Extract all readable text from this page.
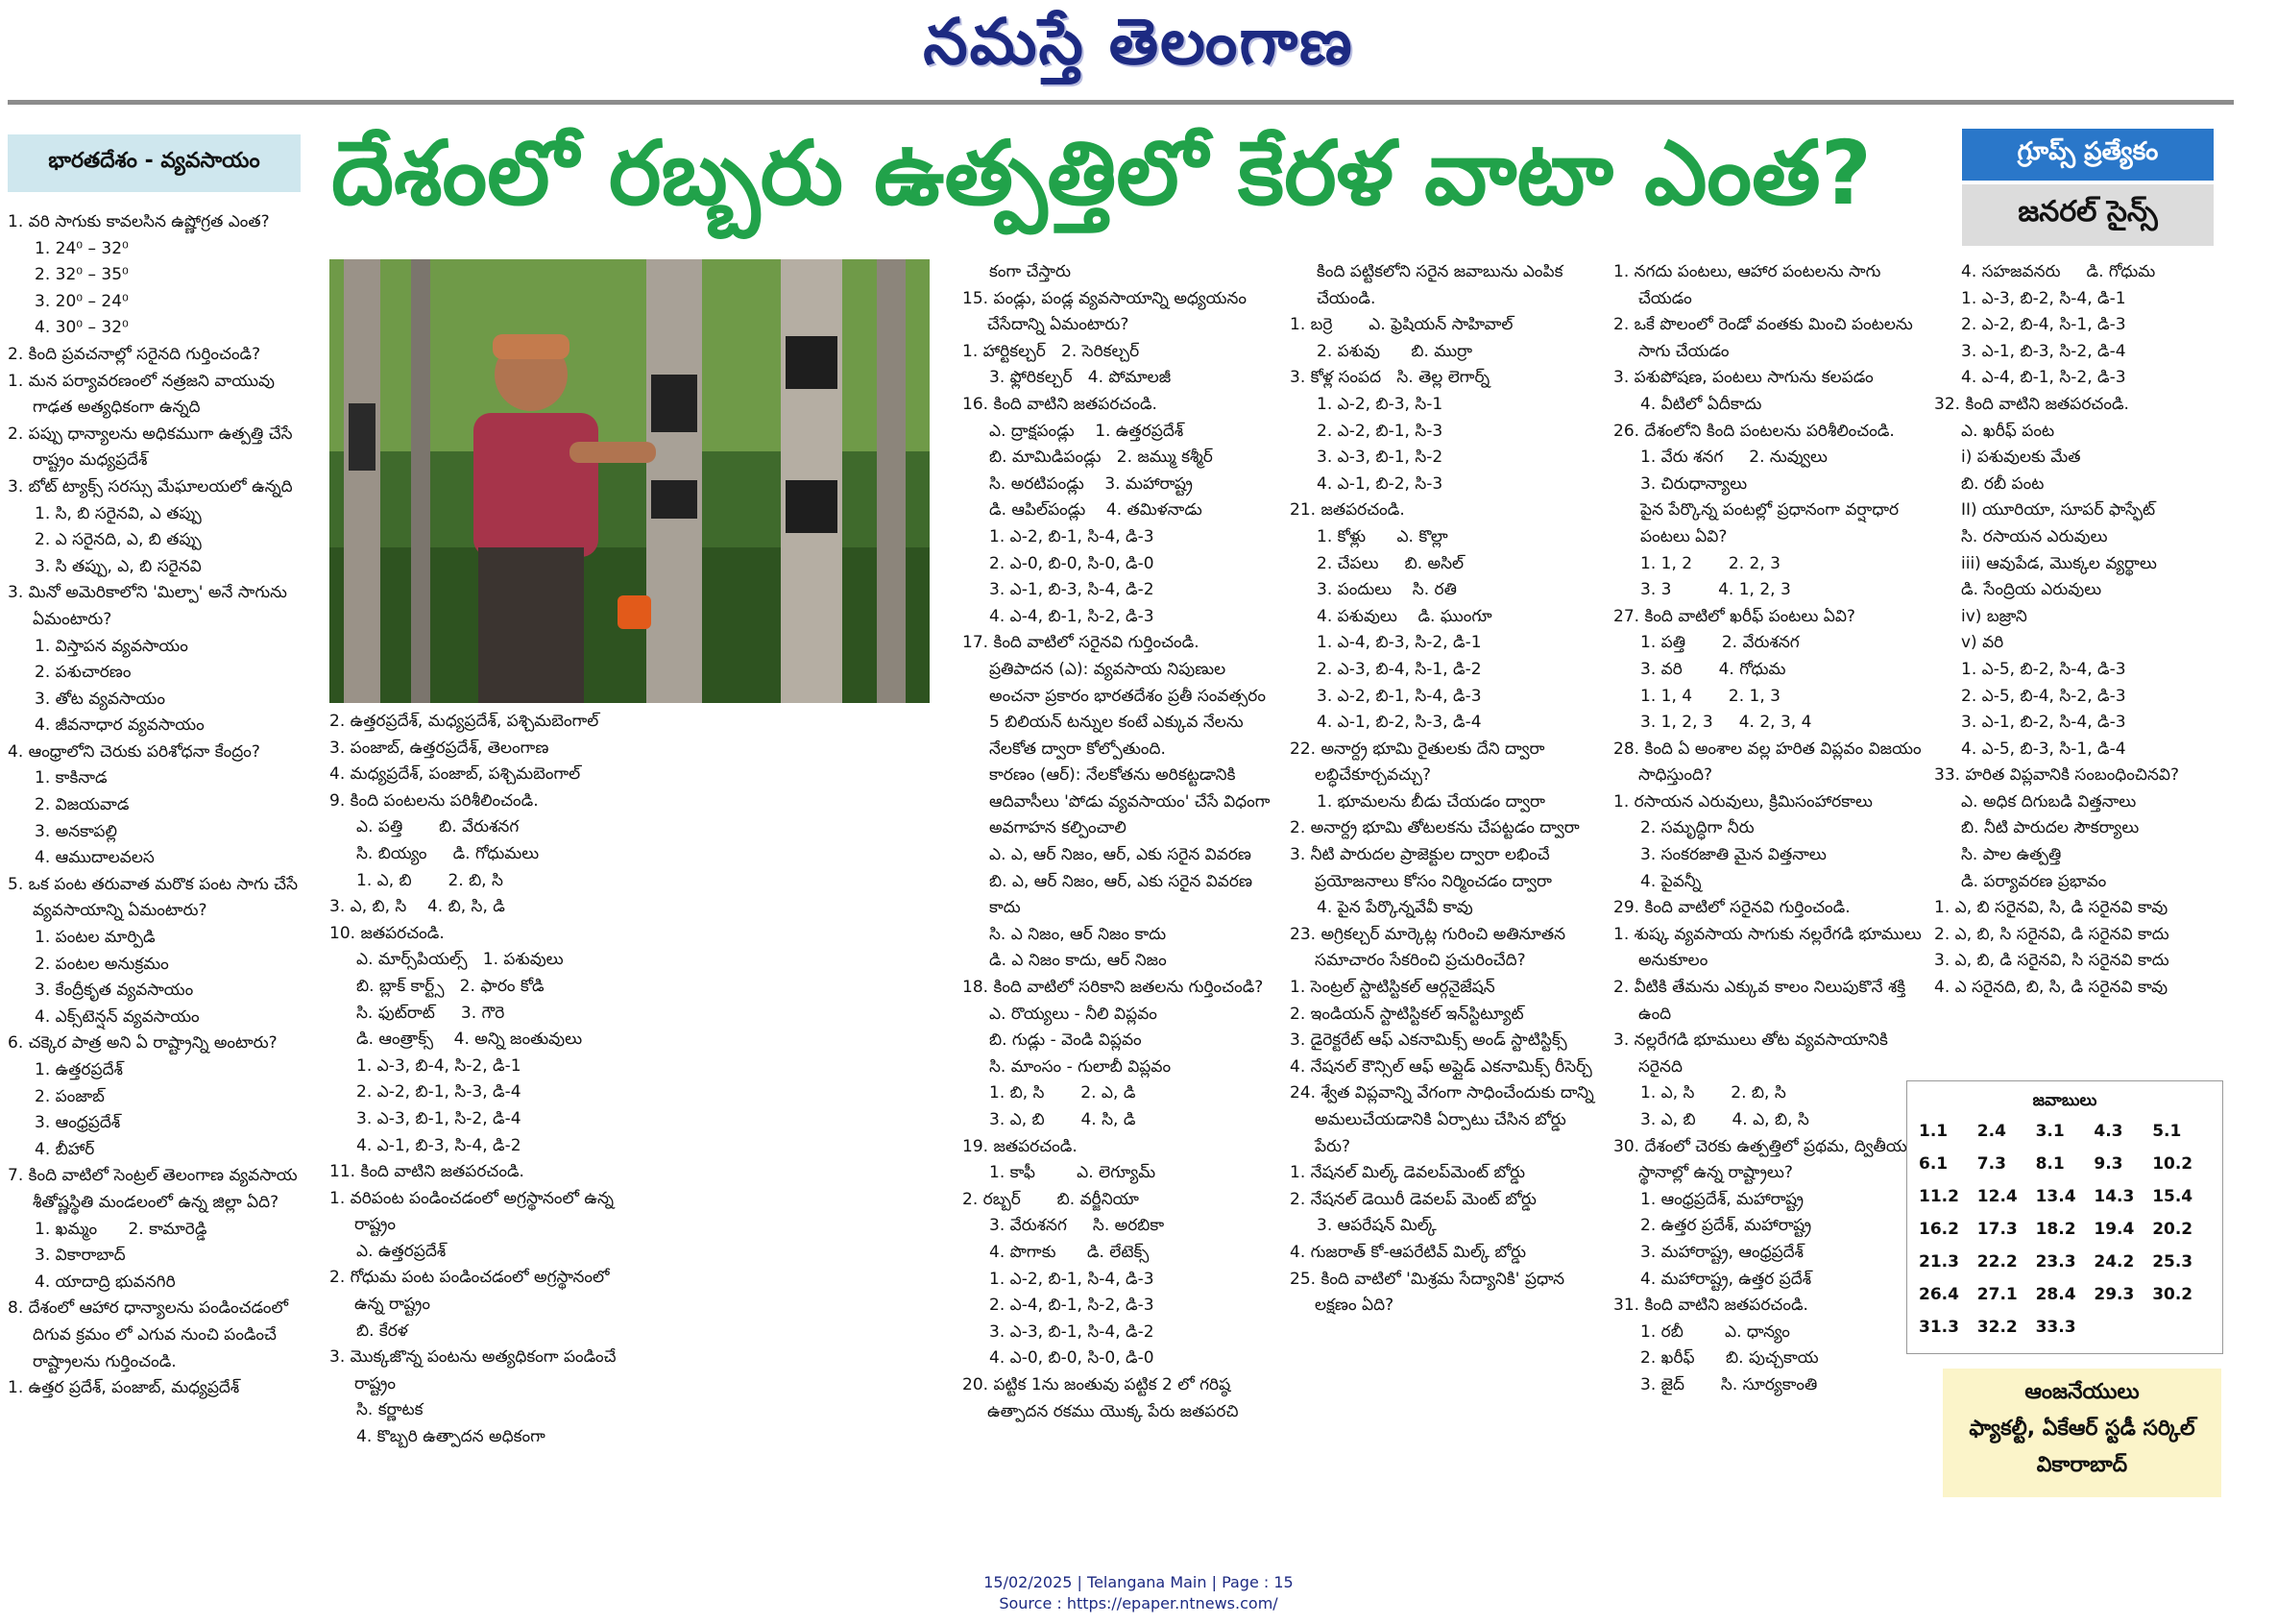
నమస్తే తెలంగాణ
భారతదేశం - వ్యవసాయం దేశంలో రబ్బరు ఉత్పత్తిలో కేరళ వాటా ఎంత?	గ్రూప్స్ ప్రత్యేకం
జనరల్ సైన్స్

1. వరి సాగుకు కావలసిన ఉష్ణోగ్రత ఎంత?

1. 24⁰ – 32⁰

2. 32⁰ – 35⁰

3. 20⁰ – 24⁰

4. 30⁰ – 32⁰

2. కింది ప్రవచనాల్లో సరైనది గుర్తించండి?

1. మన పర్యావరణంలో నత్రజని వాయువు గాఢత అత్యధికంగా ఉన్నది

2. పప్పు ధాన్యాలను అధికముగా ఉత్పత్తి చేసే రాష్ట్రం మధ్యప్రదేశ్

3. బోట్ ట్యాక్స్ సరస్సు మేఘాలయలో ఉన్నది

1. సి, బి సరైనవి, ఎ తప్పు

2. ఎ సరైనది, ఎ, బి తప్పు

3. సి తప్పు, ఎ, బి సరైనవి

3. మినో అమెరికాలోని 'మిల్పా' అనే సాగును ఏమంటారు?

1. విస్తాపన వ్యవసాయం

2. పశుచారణం

3. తోట వ్యవసాయం

4. జీవనాధార వ్యవసాయం

4. ఆంధ్రాలోని చెరుకు పరిశోధనా కేంద్రం?

1. కాకినాడ

2. విజయవాడ

3. అనకాపల్లి

4. ఆముదాలవలస

5. ఒక పంట తరువాత మరొక పంట సాగు చేసే వ్యవసాయాన్ని ఏమంటారు?

1. పంటల మార్పిడి

2. పంటల అనుక్రమం

3. కేంద్రీకృత వ్యవసాయం

4. ఎక్స్‌టెన్షన్ వ్యవసాయం

6. చక్కెర పాత్ర అని ఏ రాష్ట్రాన్ని అంటారు?

1. ఉత్తరప్రదేశ్

2. పంజాబ్

3. ఆంధ్రప్రదేశ్

4. బీహార్

7. కింది వాటిలో సెంట్రల్ తెలంగాణ వ్యవసాయ శీతోష్ణస్థితి మండలంలో ఉన్న జిల్లా ఏది?

1. ఖమ్మం      2. కామారెడ్డి

3. వికారాబాద్

4. యాదాద్రి భువనగిరి

8. దేశంలో ఆహార ధాన్యాలను పండించడంలో దిగువ క్రమం లో ఎగువ నుంచి పండించే రాష్ట్రాలను గుర్తించండి.

1. ఉత్తర ప్రదేశ్, పంజాబ్, మధ్యప్రదేశ్

2. ఉత్తరప్రదేశ్, మధ్యప్రదేశ్, పశ్చిమబెంగాల్

3. పంజాబ్, ఉత్తరప్రదేశ్, తెలంగాణ

4. మధ్యప్రదేశ్, పంజాబ్, పశ్చిమబెంగాల్

9. కింది పంటలను పరిశీలించండి.

ఎ. పత్తి       బి. వేరుశనగ

సి. బియ్యం     డి. గోధుమలు

1. ఎ, బి       2. బి, సి

3. ఎ, బి, సి    4. బి, సి, డి

10. జతపరచండి.

ఎ. మార్స్‌పియల్స్   1. పశువులు

బి. బ్లాక్ కార్ట్స్   2. ఫారం కోడి

సి. ఫుట్‌రాట్     3. గౌరె

డి. ఆంత్రాక్స్    4. అన్ని జంతువులు

1. ఎ-3, బి-4, సి-2, డి-1

2. ఎ-2, బి-1, సి-3, డి-4

3. ఎ-3, బి-1, సి-2, డి-4

4. ఎ-1, బి-3, సి-4, డి-2

11. కింది వాటిని జతపరచండి.

1. వరిపంట పండించడంలో అగ్రస్థానంలో ఉన్న రాష్ట్రం

ఎ. ఉత్తరప్రదేశ్

2. గోధుమ పంట పండించడంలో అగ్రస్థానంలో ఉన్న రాష్ట్రం

బి. కేరళ

3. మొక్కజొన్న పంటను అత్యధికంగా పండించే రాష్ట్రం

సి. కర్ణాటక

4. కొబ్బరి ఉత్పాదన అధికంగా

కంగా చేస్తారు

15. పండ్లు, పండ్ల వ్యవసాయాన్ని అధ్యయనం చేసేదాన్ని ఏమంటారు?

1. హార్టికల్చర్   2. సెరికల్చర్

3. ఫ్లోరికల్చర్   4. పోమాలజీ

16. కింది వాటిని జతపరచండి.

ఎ. ద్రాక్షపండ్లు    1. ఉత్తరప్రదేశ్

బి. మామిడిపండ్లు   2. జమ్ము కశ్మీర్

సి. అరటిపండ్లు    3. మహారాష్ట్ర

డి. ఆపిల్‌పండ్లు    4. తమిళనాడు

1. ఎ-2, బి-1, సి-4, డి-3

2. ఎ-0, బి-0, సి-0, డి-0

3. ఎ-1, బి-3, సి-4, డి-2

4. ఎ-4, బి-1, సి-2, డి-3

17. కింది వాటిలో సరైనవి గుర్తించండి.

ప్రతిపాదన (ఎ): వ్యవసాయ నిపుణుల అంచనా ప్రకారం భారతదేశం ప్రతీ సంవత్సరం 5 బిలియన్ టన్నుల కంటే ఎక్కువ నేలను నేలకోత ద్వారా కోల్పోతుంది.

కారణం (ఆర్): నేలకోతను అరికట్టడానికి ఆదివాసీలు 'పోడు వ్యవసాయం' చేసే విధంగా అవగాహన కల్పించాలి

ఎ. ఎ, ఆర్ నిజం, ఆర్, ఎకు సరైన వివరణ

బి. ఎ, ఆర్ నిజం, ఆర్, ఎకు సరైన వివరణ కాదు

సి. ఎ నిజం, ఆర్ నిజం కాదు

డి. ఎ నిజం కాదు, ఆర్ నిజం

18. కింది వాటిలో సరికాని జతలను గుర్తించండి?

ఎ. రొయ్యలు - నీలి విప్లవం

బి. గుడ్లు - వెండి విప్లవం

సి. మాంసం - గులాబీ విప్లవం

1. బి, సి       2. ఎ, డి

3. ఎ, బి       4. సి, డి

19. జతపరచండి.

1. కాఫీ        ఎ. లెగ్యూమ్

2. రబ్బర్       బి. వర్జీనియా

3. వేరుశనగ     సి. అరబికా

4. పొగాకు      డి. లేటెక్స్

1. ఎ-2, బి-1, సి-4, డి-3

2. ఎ-4, బి-1, సి-2, డి-3

3. ఎ-3, బి-1, సి-4, డి-2

4. ఎ-0, బి-0, సి-0, డి-0

20. పట్టిక 1ను జంతువు పట్టిక 2 లో గరిష్ఠ ఉత్పాదన రకము యొక్క పేరు జతపరచి

కింది పట్టికలోని సరైన జవాబును ఎంపిక చేయండి.

1. బర్రె       ఎ. ఫ్రెషియన్ సాహివాల్

2. పశువు      బి. ముర్రా

3. కోళ్ల సంపద   సి. తెల్ల లెగార్న్

1. ఎ-2, బి-3, సి-1

2. ఎ-2, బి-1, సి-3

3. ఎ-3, బి-1, సి-2

4. ఎ-1, బి-2, సి-3

21. జతపరచండి.

1. కోళ్లు      ఎ. కొల్లా

2. చేపలు     బి. అసిల్

3. పందులు    సి. రతి

4. పశువులు    డి. ఘుంగూ

1. ఎ-4, బి-3, సి-2, డి-1

2. ఎ-3, బి-4, సి-1, డి-2

3. ఎ-2, బి-1, సి-4, డి-3

4. ఎ-1, బి-2, సి-3, డి-4

22. అనార్ద్ర భూమి రైతులకు దేని ద్వారా లబ్ధిచేకూర్చవచ్చు?

1. భూమలను బీడు చేయడం ద్వారా

2. అనార్ద్ర భూమి తోటలకను చేపట్టడం ద్వారా

3. నీటి పారుదల ప్రాజెక్టుల ద్వారా లభించే ప్రయోజనాలు కోసం నిర్మించడం ద్వారా

4. పైన పేర్కొన్నవేవీ కావు

23. అగ్రికల్చర్ మార్కెట్ల గురించి అతినూతన సమాచారం సేకరించి ప్రచురించేది?

1. సెంట్రల్ స్టాటిస్టికల్ ఆర్గనైజేషన్

2. ఇండియన్ స్టాటిస్టికల్ ఇన్‌స్టిట్యూట్

3. డైరెక్టరేట్ ఆఫ్ ఎకనామిక్స్ అండ్ స్టాటిస్టిక్స్

4. నేషనల్ కౌన్సిల్ ఆఫ్ అప్లైడ్ ఎకనామిక్స్ రీసెర్చ్

24. శ్వేత విప్లవాన్ని వేగంగా సాధించేందుకు దాన్ని అమలుచేయడానికి ఏర్పాటు చేసిన బోర్డు పేరు?

1. నేషనల్ మిల్క్ డెవలప్‌మెంట్ బోర్డు

2. నేషనల్ డెయిరీ డెవలప్ మెంట్ బోర్డు

3. ఆపరేషన్ మిల్క్

4. గుజరాత్ కో-ఆపరేటివ్ మిల్క్ బోర్డు

25. కింది వాటిలో 'మిశ్రమ సేద్యానికి' ప్రధాన లక్షణం ఏది?

1. నగదు పంటలు, ఆహార పంటలను సాగు చేయడం

2. ఒకే పొలంలో రెండో వంతకు మించి పంటలను సాగు చేయడం

3. పశుపోషణ, పంటలు సాగును కలపడం

4. వీటిలో ఏదీకాదు

26. దేశంలోని కింది పంటలను పరిశీలించండి.

1. వేరు శనగ     2. నువ్వులు

3. చిరుధాన్యాలు

పైన పేర్కొన్న పంటల్లో ప్రధానంగా వర్షాధార పంటలు ఏవి?

1. 1, 2       2. 2, 3

3. 3         4. 1, 2, 3

27. కింది వాటిలో ఖరీఫ్ పంటలు ఏవి?

1. పత్తి       2. వేరుశనగ

3. వరి       4. గోధుమ

1. 1, 4       2. 1, 3

3. 1, 2, 3     4. 2, 3, 4

28. కింది ఏ అంశాల వల్ల హరిత విప్లవం విజయం సాధిస్తుంది?

1. రసాయన ఎరువులు, క్రిమిసంహారకాలు

2. సమృద్ధిగా నీరు

3. సంకరజాతి మైన విత్తనాలు

4. పైవన్నీ

29. కింది వాటిలో సరైనవి గుర్తించండి.

1. శుష్క వ్యవసాయ సాగుకు నల్లరేగడి భూములు అనుకూలం

2. వీటికి తేమను ఎక్కువ కాలం నిలుపుకొనే శక్తి ఉంది

3. నల్లరేగడి భూములు తోట వ్యవసాయానికి సరైనది

1. ఎ, సి       2. బి, సి

3. ఎ, బి       4. ఎ, బి, సి

30. దేశంలో చెరకు ఉత్పత్తిలో ప్రథమ, ద్వితీయ స్థానాల్లో ఉన్న రాష్ట్రాలు?

1. ఆంధ్రప్రదేశ్, మహారాష్ట్ర

2. ఉత్తర ప్రదేశ్, మహారాష్ట్ర

3. మహారాష్ట్ర, ఆంధ్రప్రదేశ్

4. మహారాష్ట్ర, ఉత్తర ప్రదేశ్

31. కింది వాటిని జతపరచండి.

1. రబీ        ఎ. ధాన్యం

2. ఖరీఫ్      బి. పుచ్చకాయ

3. జైద్       సి. సూర్యకాంతి

4. సహజవనరు     డి. గోధుమ

1. ఎ-3, బి-2, సి-4, డి-1

2. ఎ-2, బి-4, సి-1, డి-3

3. ఎ-1, బి-3, సి-2, డి-4

4. ఎ-4, బి-1, సి-2, డి-3

32. కింది వాటిని జతపరచండి.

ఎ. ఖరీఫ్ పంట

i) పశువులకు మేత

బి. రబీ పంట

II) యూరియా, సూపర్ ఫాస్ఫేట్

సి. రసాయన ఎరువులు

iii) ఆవుపేడ, మొక్కల వ్యర్థాలు

డి. సేంద్రియ ఎరువులు

iv) బజ్రాని

v) వరి

1. ఎ-5, బి-2, సి-4, డి-3

2. ఎ-5, బి-4, సి-2, డి-3

3. ఎ-1, బి-2, సి-4, డి-3

4. ఎ-5, బి-3, సి-1, డి-4

33. హరిత విప్లవానికి సంబంధించినవి?

ఎ. అధిక దిగుబడి విత్తనాలు

బి. నీటి పారుదల సౌకర్యాలు

సి. పాల ఉత్పత్తి

డి. పర్యావరణ ప్రభావం

1. ఎ, బి సరైనవి, సి, డి సరైనవి కావు

2. ఎ, బి, సి సరైనవి, డి సరైనవి కాదు

3. ఎ, బి, డి సరైనవి, సి సరైనవి కాదు

4. ఎ సరైనది, బి, సి, డి సరైనవి కావు

జవాబులు
1.1	2.4	3.1	4.3	5.1
6.1	7.3	8.1	9.3	10.2
11.2	12.4	13.4	14.3	15.4
16.2	17.3	18.2	19.4	20.2
21.3	22.2	23.3	24.2	25.3
26.4	27.1	28.4	29.3	30.2
31.3	32.2	33.3
ఆంజనేయులు
ఫ్యాకల్టీ, ఏకేఆర్ స్టడీ సర్కిల్
వికారాబాద్
15/02/2025 | Telangana Main | Page : 15
Source : https://epaper.ntnews.com/
